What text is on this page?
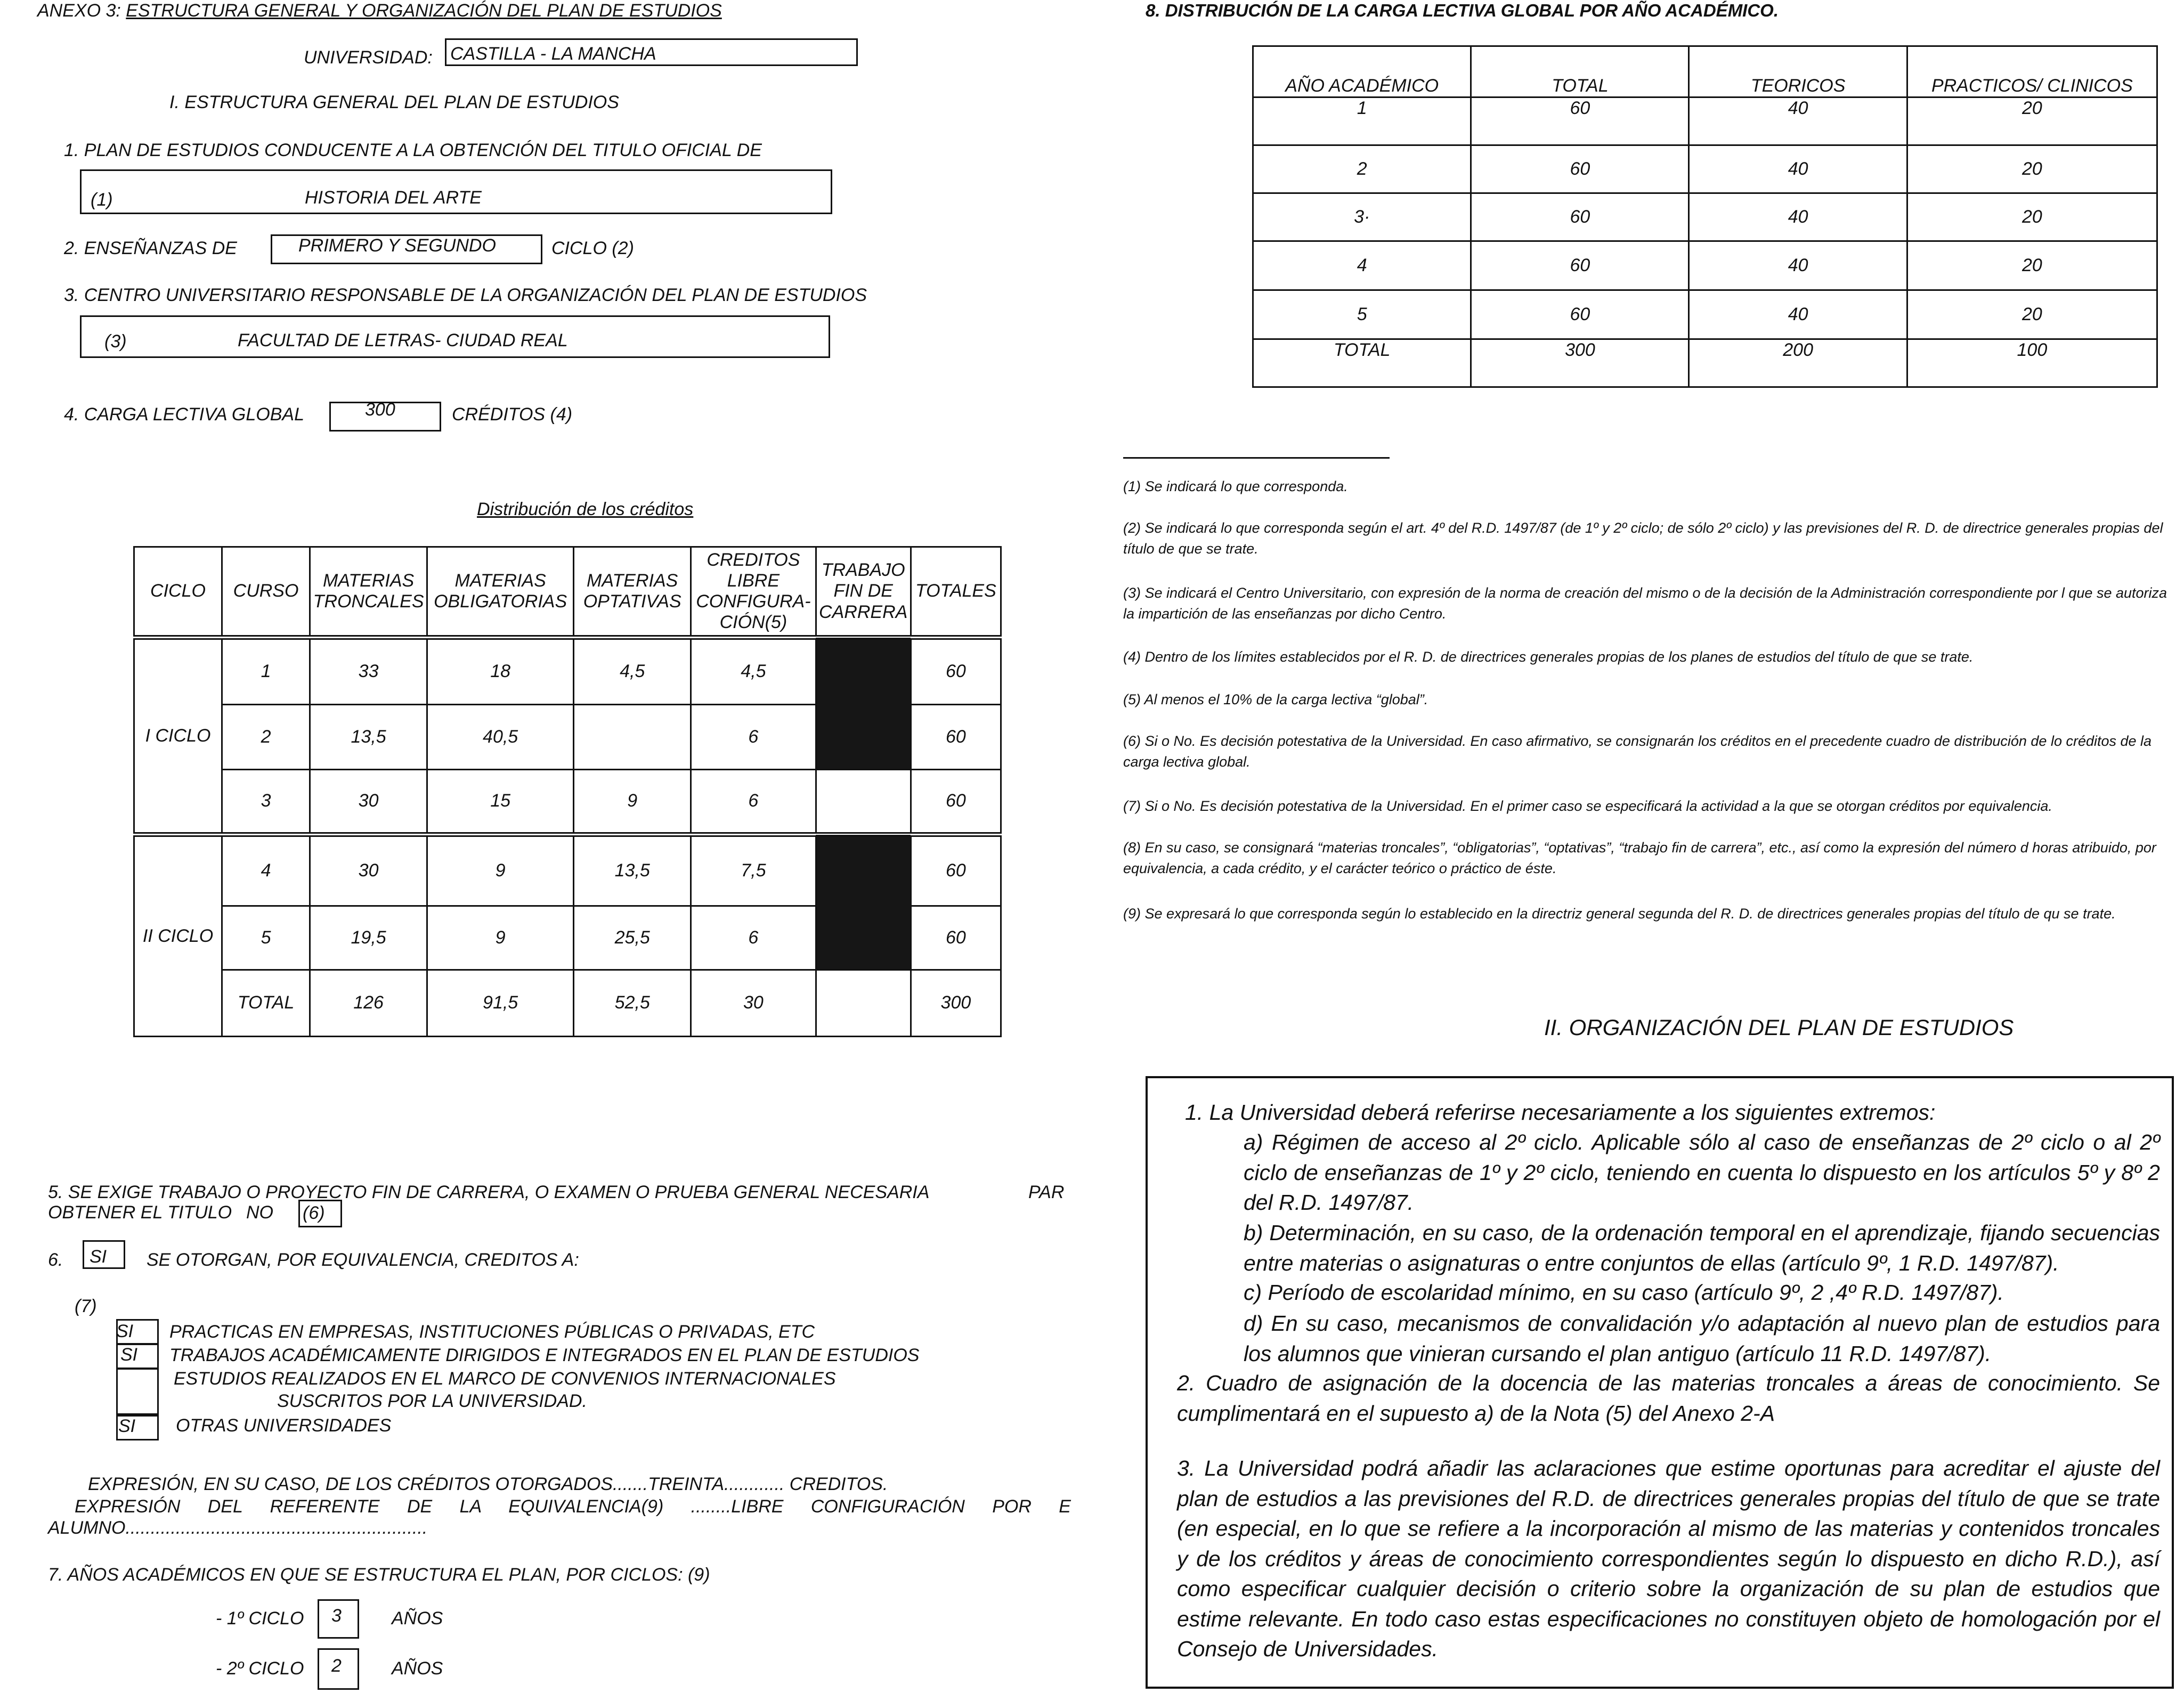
ANEXO 3: ESTRUCTURA GENERAL Y ORGANIZACIÓN DEL PLAN DE ESTUDIOS
UNIVERSIDAD: CASTILLA - LA MANCHA
I. ESTRUCTURA GENERAL DEL PLAN DE ESTUDIOS
1. PLAN DE ESTUDIOS CONDUCENTE A LA OBTENCIÓN DEL TITULO OFICIAL DE
(1)	HISTORIA DEL ARTE
2. ENSEÑANZAS DE	PRIMERO Y SEGUNDO	CICLO (2)
3. CENTRO UNIVERSITARIO RESPONSABLE DE LA ORGANIZACIÓN DEL PLAN DE ESTUDIOS
(3)	FACULTAD DE LETRAS- CIUDAD REAL
4. CARGA LECTIVA GLOBAL	300	CRÉDITOS (4)
Distribución de los créditos
CICLO	CURSO	MATERIAS TRONCALES	MATERIAS OBLIGATORIAS	MATERIAS OPTATIVAS	CREDITOS LIBRE CONFIGURA- CIÓN(5)	TRABAJO FIN DE CARRERA	TOTALES
I CICLO	1	33	18	4,5	4,5		60
	2	13,5	40,5		6		60
	3	30	15	9	6		60
II CICLO	4	30	9	13,5	7,5		60
	5	19,5	9	25,5	6		60
	TOTAL	126	91,5	52,5	30		300
5. SE EXIGE TRABAJO O PROYECTO FIN DE CARRERA, O EXAMEN O PRUEBA GENERAL NECESARIA	PAR
OBTENER EL TITULO NO (6)
6. SI SE OTORGAN, POR EQUIVALENCIA, CREDITOS A:
(7)
SI PRACTICAS EN EMPRESAS, INSTITUCIONES PÚBLICAS O PRIVADAS, ETC
SI TRABAJOS ACADÉMICAMENTE DIRIGIDOS E INTEGRADOS EN EL PLAN DE ESTUDIOS
ESTUDIOS REALIZADOS EN EL MARCO DE CONVENIOS INTERNACIONALES
SUSCRITOS POR LA UNIVERSIDAD.
SI OTRAS UNIVERSIDADES
EXPRESIÓN, EN SU CASO, DE LOS CRÉDITOS OTORGADOS.......TREINTA............ CREDITOS.
EXPRESIÓN DEL REFERENTE DE LA EQUIVALENCIA(9) ........LIBRE CONFIGURACIÓN POR E
ALUMNO............................................................
7. AÑOS ACADÉMICOS EN QUE SE ESTRUCTURA EL PLAN, POR CICLOS: (9)
- 1º CICLO 3	AÑOS
- 2º CICLO 2	AÑOS
8. DISTRIBUCIÓN DE LA CARGA LECTIVA GLOBAL POR AÑO ACADÉMICO.
AÑO ACADÉMICO	TOTAL	TEORICOS	PRACTICOS/ CLINICOS
1	60	40	20
2	60	40	20
3·	60	40	20
4	60	40	20
5	60	40	20
TOTAL	300	200	100
(1) Se indicará lo que corresponda.
(2) Se indicará lo que corresponda según el art. 4º del R.D. 1497/87 (de 1º y 2º ciclo; de sólo 2º ciclo) y las previsiones del R. D. de directrice generales propias del título de que se trate.
(3) Se indicará el Centro Universitario, con expresión de la norma de creación del mismo o de la decisión de la Administración correspondiente por l que se autoriza la impartición de las enseñanzas por dicho Centro.
(4) Dentro de los límites establecidos por el R. D. de directrices generales propias de los planes de estudios del título de que se trate.
(5) Al menos el 10% de la carga lectiva “global”.
(6) Si o No. Es decisión potestativa de la Universidad. En caso afirmativo, se consignarán los créditos en el precedente cuadro de distribución de lo créditos de la carga lectiva global.
(7) Si o No. Es decisión potestativa de la Universidad. En el primer caso se especificará la actividad a la que se otorgan créditos por equivalencia.
(8) En su caso, se consignará “materias troncales”, “obligatorias”, “optativas”, “trabajo fin de carrera”, etc., así como la expresión del número d horas atribuido, por equivalencia, a cada crédito, y el carácter teórico o práctico de éste.
(9) Se expresará lo que corresponda según lo establecido en la directriz general segunda del R. D. de directrices generales propias del título de qu se trate.
II. ORGANIZACIÓN DEL PLAN DE ESTUDIOS
1. La Universidad deberá referirse necesariamente a los siguientes extremos:
a) Régimen de acceso al 2º ciclo. Aplicable sólo al caso de enseñanzas de 2º ciclo o al 2º ciclo de enseñanzas de 1º y 2º ciclo, teniendo en cuenta lo dispuesto en los artículos 5º y 8º 2 del R.D. 1497/87.
b) Determinación, en su caso, de la ordenación temporal en el aprendizaje, fijando secuencias entre materias o asignaturas o entre conjuntos de ellas (artículo 9º, 1 R.D. 1497/87).
c) Período de escolaridad mínimo, en su caso (artículo 9º, 2 ,4º R.D. 1497/87).
d) En su caso, mecanismos de convalidación y/o adaptación al nuevo plan de estudios para los alumnos que vinieran cursando el plan antiguo (artículo 11 R.D. 1497/87).
2. Cuadro de asignación de la docencia de las materias troncales a áreas de conocimiento. Se cumplimentará en el supuesto a) de la Nota (5) del Anexo 2-A
3. La Universidad podrá añadir las aclaraciones que estime oportunas para acreditar el ajuste del plan de estudios a las previsiones del R.D. de directrices generales propias del título de que se trate (en especial, en lo que se refiere a la incorporación al mismo de las materias y contenidos troncales y de los créditos y áreas de conocimiento correspondientes según lo dispuesto en dicho R.D.), así como especificar cualquier decisión o criterio sobre la organización de su plan de estudios que estime relevante. En todo caso estas especificaciones no constituyen objeto de homologación por el Consejo de Universidades.
